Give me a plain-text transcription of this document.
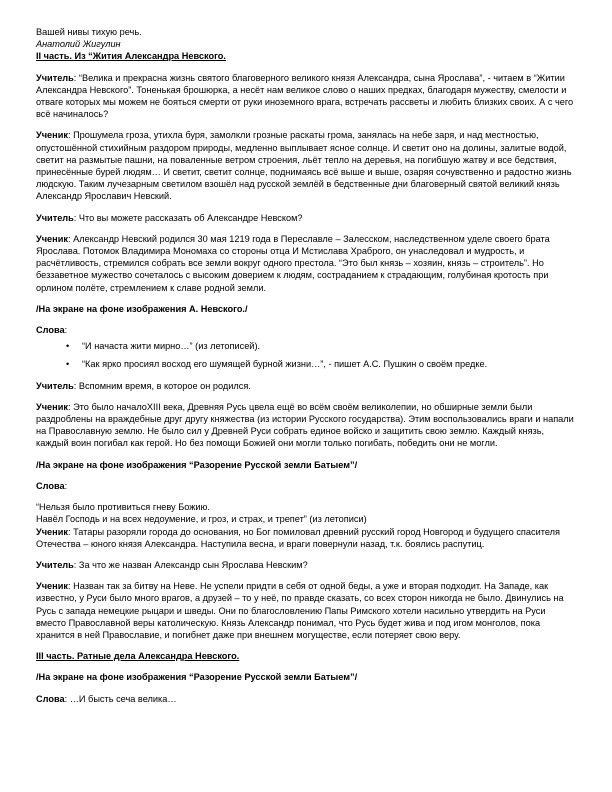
Вашей нивы тихую речь.

Анатолий Жигулин

II часть. Из “Жития Александра Невского.

Учитель: “Велика и прекрасна жизнь святого благоверного великого князя Александра, сына Ярослава”, - читаем в “Житии Александра Невского”. Тоненькая брошюрка, а несёт нам великое слово о наших предках, благодаря мужеству, смелости и отваге которых мы можем не бояться смерти от руки иноземного врага, встречать рассветы и любить близких своих. А с чего всё начиналось?

Ученик: Прошумела гроза, утихла буря, замолкли грозные раскаты грома, занялась на небе заря, и над местностью, опустошённой стихийным раздором природы, медленно выплывает ясное солнце. И светит оно на долины, залитые водой, светит на размытые пашни, на поваленные ветром строения, льёт тепло на деревья, на погибшую жатву и все бедствия, принесённые бурей людям… И светит, светит солнце, поднимаясь всё выше и выше, озаряя сочувственно и радостно жизнь людскую. Таким лучезарным светилом взошёл над русской землёй в бедственные дни благоверный святой великий князь Александр Ярославич Невский.

Учитель: Что вы можете рассказать об Александре Невском?

Ученик: Александр Невский родился 30 мая 1219 года в Переславле – Залесском, наследственном уделе своего брата Ярослава. Потомок Владимира Мономаха со стороны отца И Мстислава Храброго, он унаследовал и мудрость, и расчётливость, стремился собрать все земли вокруг одного престола. “Это был князь – хозяин, князь – строитель”. Но беззаветное мужество сочеталось с высоким доверием к людям, состраданием к страдающим, голубиная кротость при орлином полёте, стремлением к славе родной земли.

/На экране на фоне изображения А. Невского./

Слова:

• “И начаста жити мирно…” (из летописей).
• “Как ярко просиял восход его шумящей бурной жизни…”, - пишет А.С. Пушкин о своём предке.

Учитель: Вспомним время, в которое он родился.

Ученик: Это было началоXIII века, Древняя Русь цвела ещё во всём своём великолепии, но обширные земли были раздроблены на враждебные друг другу княжества (из истории Русского государства). Этим воспользовались враги и напали на Православную землю. Не было сил у Древней Руси собрать единое войско и защитить свою землю. Каждый князь, каждый воин погибал как герой. Но без помощи Божией они могли только погибать, победить они не могли.

/На экране на фоне изображения “Разорение Русской земли Батыем”/

Слова:

“Нельзя было противиться гневу Божию.

Навёл Господь и на всех недоумение, и гроз, и страх, и трепет” (из летописи)

Ученик: Татары разоряли города до основания, но Бог помиловал древний русский город Новгород и будущего спасителя Отечества – юного князя Александра. Наступила весна, и враги повернули назад, т.к. боялись распутиц.

Учитель: За что же назван Александр сын Ярослава Невским?

Ученик: Назван так за битву на Неве. Не успели придти в себя от одной беды, а уже и вторая подходит. На Западе, как известно, у Руси было много врагов, а друзей – то у неё, по правде сказать, со всех сторон никогда не было. Двинулись на Русь с запада немецкие рыцари и шведы. Они по благословлению Папы Римского хотели насильно утвердить на Руси вместо Православной веры католическую. Князь Александр понимал, что Русь будет жива и под игом монголов, пока хранится в ней Православие, и погибнет даже при внешнем могуществе, если потеряет свою веру.

III часть. Ратные дела Александра Невского.

/На экране на фоне изображения “Разорение Русской земли Батыем”/

Слова: …И бысть сеча велика…
